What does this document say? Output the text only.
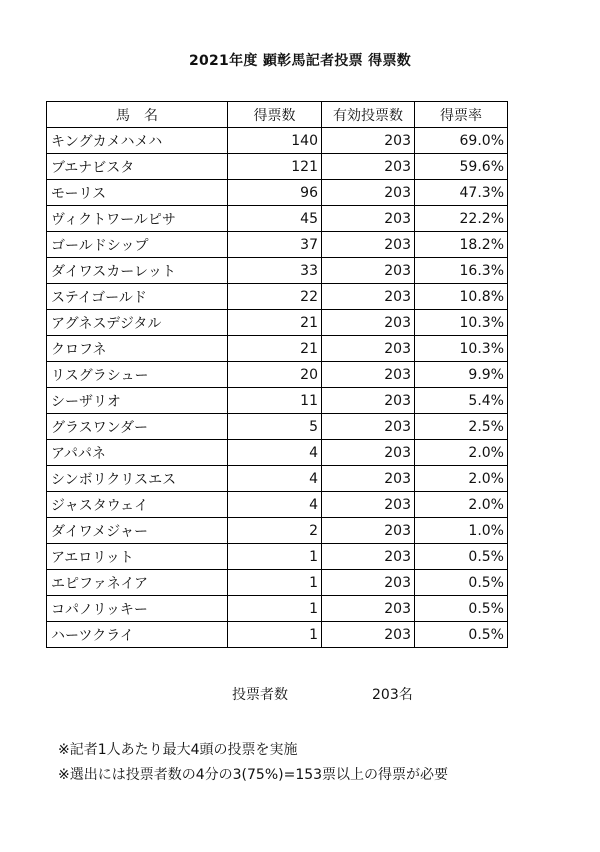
2021年度 顕彰馬記者投票 得票数
馬　名	得票数	有効投票数	得票率
キングカメハメハ	140	203	69.0%
ブエナビスタ	121	203	59.6%
モーリス	96	203	47.3%
ヴィクトワールピサ	45	203	22.2%
ゴールドシップ	37	203	18.2%
ダイワスカーレット	33	203	16.3%
ステイゴールド	22	203	10.8%
アグネスデジタル	21	203	10.3%
クロフネ	21	203	10.3%
リスグラシュー	20	203	9.9%
シーザリオ	11	203	5.4%
グラスワンダー	5	203	2.5%
アパパネ	4	203	2.0%
シンボリクリスエス	4	203	2.0%
ジャスタウェイ	4	203	2.0%
ダイワメジャー	2	203	1.0%
アエロリット	1	203	0.5%
エピファネイア	1	203	0.5%
コパノリッキー	1	203	0.5%
ハーツクライ	1	203	0.5%
投票者数	203名
※記者1人あたり最大4頭の投票を実施
※選出には投票者数の4分の3(75%)=153票以上の得票が必要
